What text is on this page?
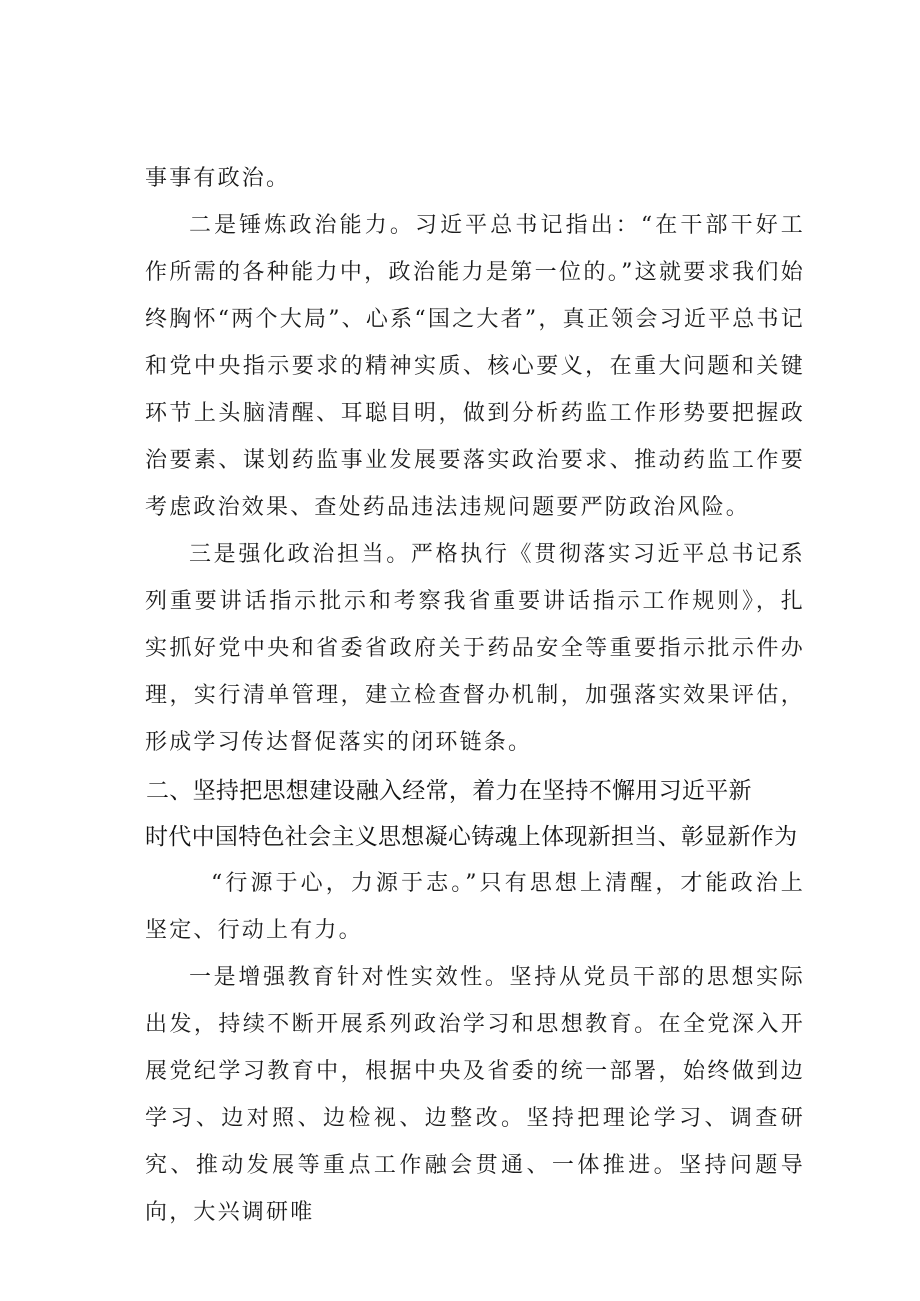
事事有政治。

二是锤炼政治能力。习近平总书记指出：“在干部干好工作所需的各种能力中，政治能力是第一位的。”这就要求我们始终胸怀“两个大局”、心系“国之大者”，真正领会习近平总书记和党中央指示要求的精神实质、核心要义，在重大问题和关键环节上头脑清醒、耳聪目明，做到分析药监工作形势要把握政治要素、谋划药监事业发展要落实政治要求、推动药监工作要考虑政治效果、查处药品违法违规问题要严防政治风险。

三是强化政治担当。严格执行《贯彻落实习近平总书记系列重要讲话指示批示和考察我省重要讲话指示工作规则》，扎实抓好党中央和省委省政府关于药品安全等重要指示批示件办理，实行清单管理，建立检查督办机制，加强落实效果评估，形成学习传达督促落实的闭环链条。

二、坚持把思想建设融入经常，着力在坚持不懈用习近平新
时代中国特色社会主义思想凝心铸魂上体现新担当、彰显新作为

“行源于心，力源于志。”只有思想上清醒，才能政治上坚定、行动上有力。

一是增强教育针对性实效性。坚持从党员干部的思想实际出发，持续不断开展系列政治学习和思想教育。在全党深入开展党纪学习教育中，根据中央及省委的统一部署，始终做到边学习、边对照、边检视、边整改。坚持把理论学习、调查研究、推动发展等重点工作融会贯通、一体推进。坚持问题导向，大兴调研唯
